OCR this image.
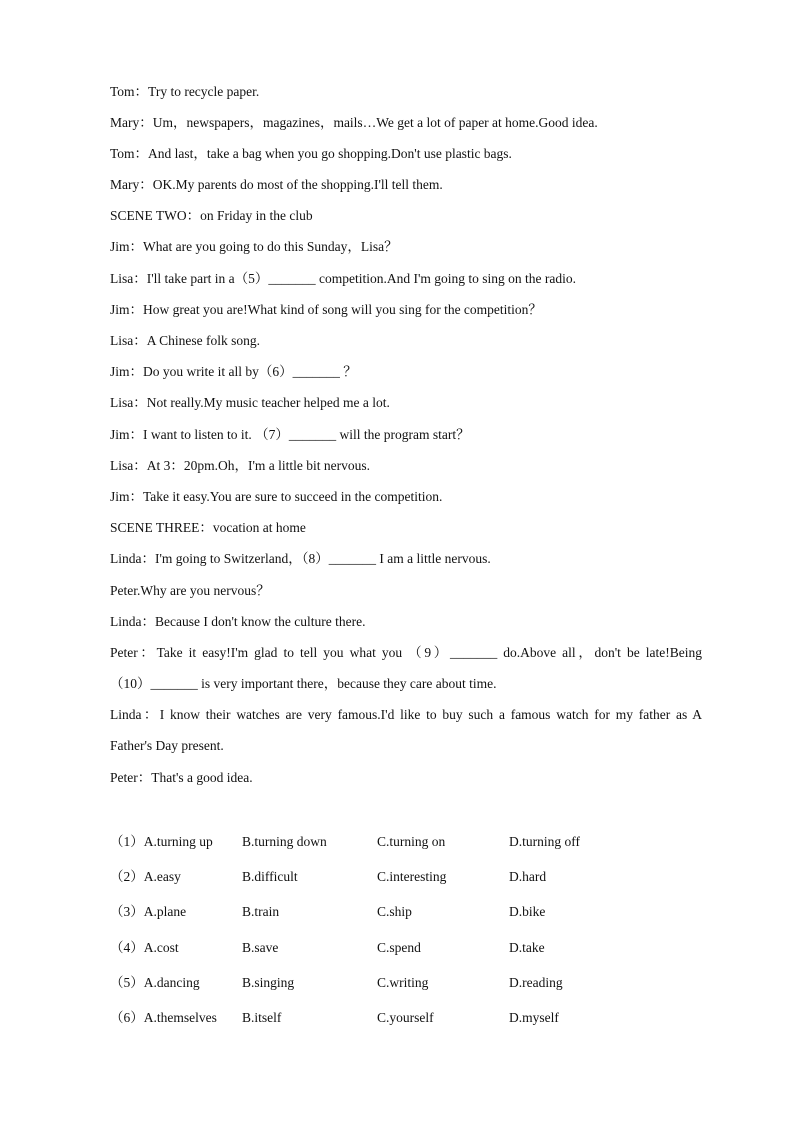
Tom：Try to recycle paper.
Mary：Um，newspapers，magazines，mails…We get a lot of paper at home.Good idea.
Tom：And last，take a bag when you go shopping.Don't use plastic bags.
Mary：OK.My parents do most of the shopping.I'll tell them.
SCENE TWO：on Friday in the club
Jim：What are you going to do this Sunday，Lisa？
Lisa：I'll take part in a（5）_______ competition.And I'm going to sing on the radio.
Jim：How great you are!What kind of song will you sing for the competition？
Lisa：A Chinese folk song.
Jim：Do you write it all by（6）_______ ？
Lisa：Not really.My music teacher helped me a lot.
Jim：I want to listen to it. （7）_______ will the program start？
Lisa：At 3：20pm.Oh，I'm a little bit nervous.
Jim：Take it easy.You are sure to succeed in the competition.
SCENE THREE：vocation at home
Linda：I'm going to Switzerland，（8）_______ I am a little nervous.
Peter.Why are you nervous？
Linda：Because I don't know the culture there.
Peter：Take it easy!I'm glad to tell you what you （9）_______ do.Above all，don't be late!Being
（10）_______ is very important there，because they care about time.
Linda：I know their watches are very famous.I'd like to buy such a famous watch for my father as A
Father's Day present.
Peter：That's a good idea.
（1）A.turning up B.turning down	C.turning on	D.turning off
（2）A.easy	B.difficult	C.interesting	D.hard
（3）A.plane	B.train	C.ship	D.bike
（4）A.cost	B.save	C.spend	D.take
（5）A.dancing	B.singing	C.writing	D.reading
（6）A.themselves B.itself	C.yourself	D.myself
